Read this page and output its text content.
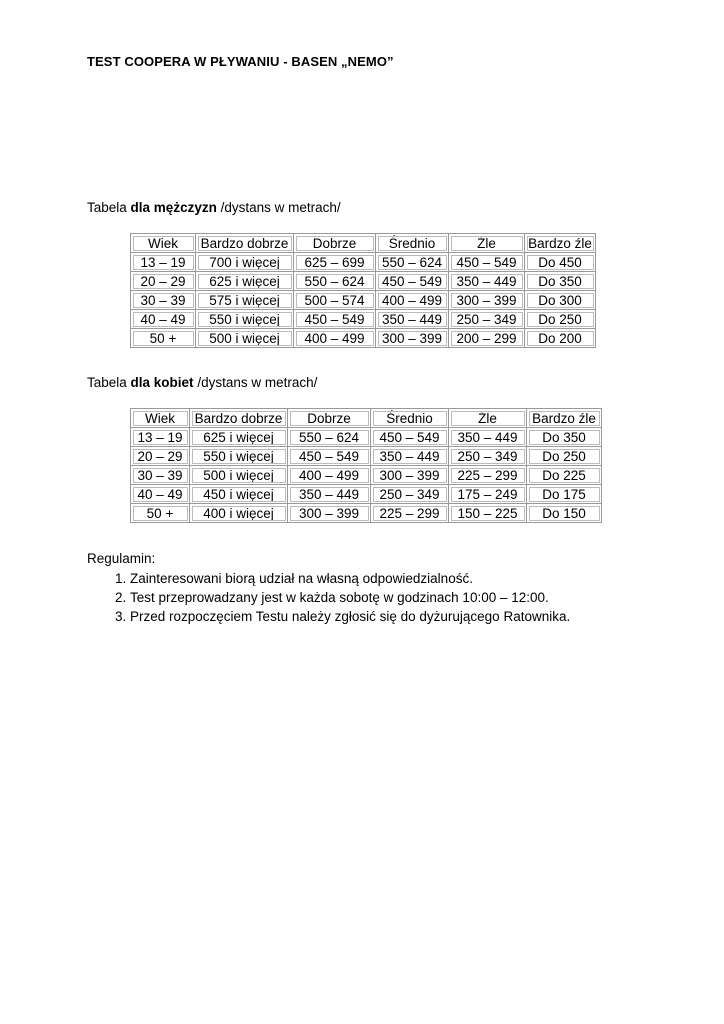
TEST COOPERA W PŁYWANIU - BASEN „NEMO”
Tabela dla mężczyzn /dystans w metrach/
Wiek	Bardzo dobrze	Dobrze	Średnio	Źle	Bardzo źle
13 – 19	700 i więcej	625 – 699	550 – 624	450 – 549	Do 450
20 – 29	625 i więcej	550 – 624	450 – 549	350 – 449	Do 350
30 – 39	575 i więcej	500 – 574	400 – 499	300 – 399	Do 300
40 – 49	550 i więcej	450 – 549	350 – 449	250 – 349	Do 250
50 +	500 i więcej	400 – 499	300 – 399	200 – 299	Do 200
Tabela dla kobiet /dystans w metrach/
Wiek	Bardzo dobrze	Dobrze	Średnio	Źle	Bardzo źle
13 – 19	625 i więcej	550 – 624	450 – 549	350 – 449	Do 350
20 – 29	550 i więcej	450 – 549	350 – 449	250 – 349	Do 250
30 – 39	500 i więcej	400 – 499	300 – 399	225 – 299	Do 225
40 – 49	450 i więcej	350 – 449	250 – 349	175 – 249	Do 175
50 +	400 i więcej	300 – 399	225 – 299	150 – 225	Do 150
Regulamin:
1. Zainteresowani biorą udział na własną odpowiedzialność.
2. Test przeprowadzany jest w każda sobotę w godzinach 10:00 – 12:00.
3. Przed rozpoczęciem Testu należy zgłosić się do dyżurującego Ratownika.
